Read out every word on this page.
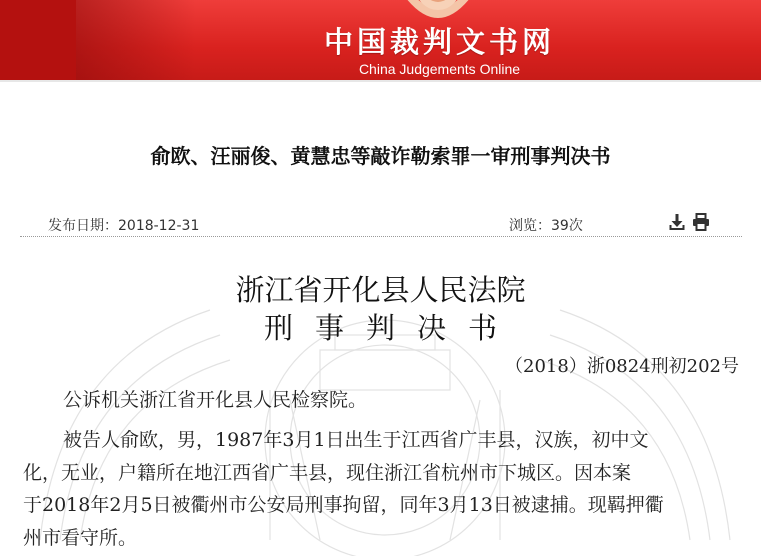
中国裁判文书网
China Judgements Online
俞欧、汪丽俊、黄慧忠等敲诈勒索罪一审刑事判决书
发布日期：2018-12-31	浏览：39次
浙江省开化县人民法院
刑事判决书
（2018）浙0824刑初202号
公诉机关浙江省开化县人民检察院。
被告人俞欧，男，1987年3月1日出生于江西省广丰县，汉族，初中文
化，无业，户籍所在地江西省广丰县，现住浙江省杭州市下城区。因本案
于2018年2月5日被衢州市公安局刑事拘留，同年3月13日被逮捕。现羁押衢
州市看守所。
